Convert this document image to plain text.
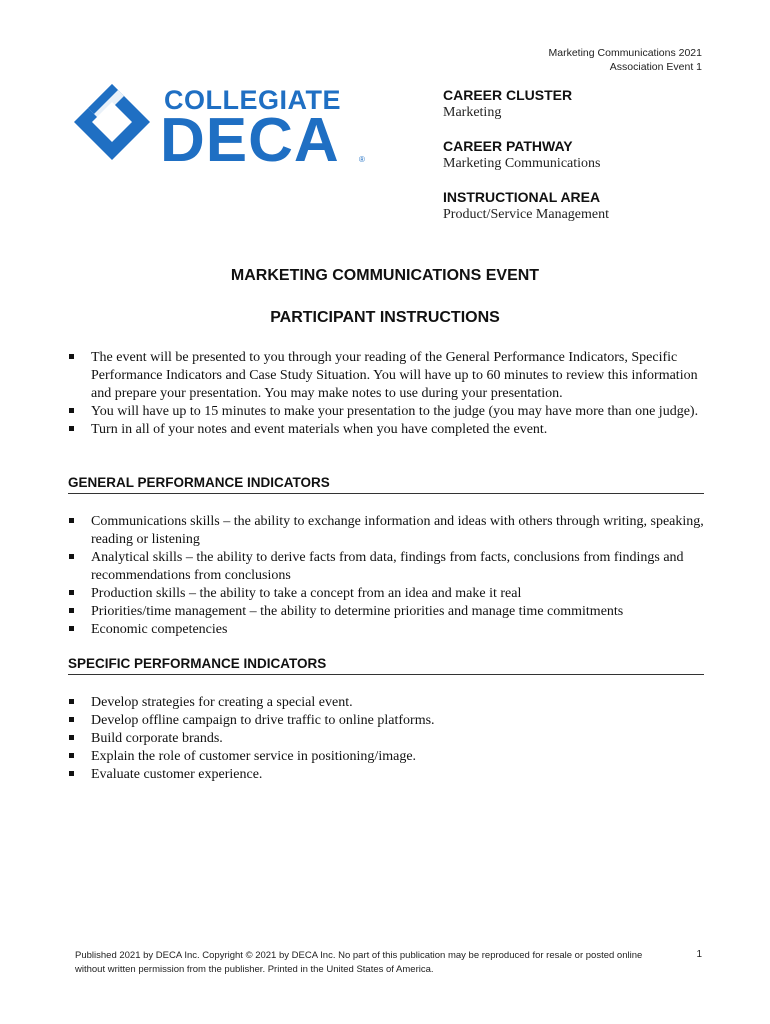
Marketing Communications 2021
Association Event 1
COLLEGIATE
DECA ®
CAREER CLUSTER
Marketing
CAREER PATHWAY
Marketing Communications
INSTRUCTIONAL AREA
Product/Service Management
MARKETING COMMUNICATIONS EVENT
PARTICIPANT INSTRUCTIONS
The event will be presented to you through your reading of the General Performance Indicators, Specific Performance Indicators and Case Study Situation. You will have up to 60 minutes to review this information and prepare your presentation. You may make notes to use during your presentation.
You will have up to 15 minutes to make your presentation to the judge (you may have more than one judge).
Turn in all of your notes and event materials when you have completed the event.
GENERAL PERFORMANCE INDICATORS
Communications skills – the ability to exchange information and ideas with others through writing, speaking, reading or listening
Analytical skills – the ability to derive facts from data, findings from facts, conclusions from findings and recommendations from conclusions
Production skills – the ability to take a concept from an idea and make it real
Priorities/time management – the ability to determine priorities and manage time commitments
Economic competencies
SPECIFIC PERFORMANCE INDICATORS
Develop strategies for creating a special event.
Develop offline campaign to drive traffic to online platforms.
Build corporate brands.
Explain the role of customer service in positioning/image.
Evaluate customer experience.
Published 2021 by DECA Inc. Copyright © 2021 by DECA Inc. No part of this publication may be reproduced for resale or posted online without written permission from the publisher. Printed in the United States of America.
1
